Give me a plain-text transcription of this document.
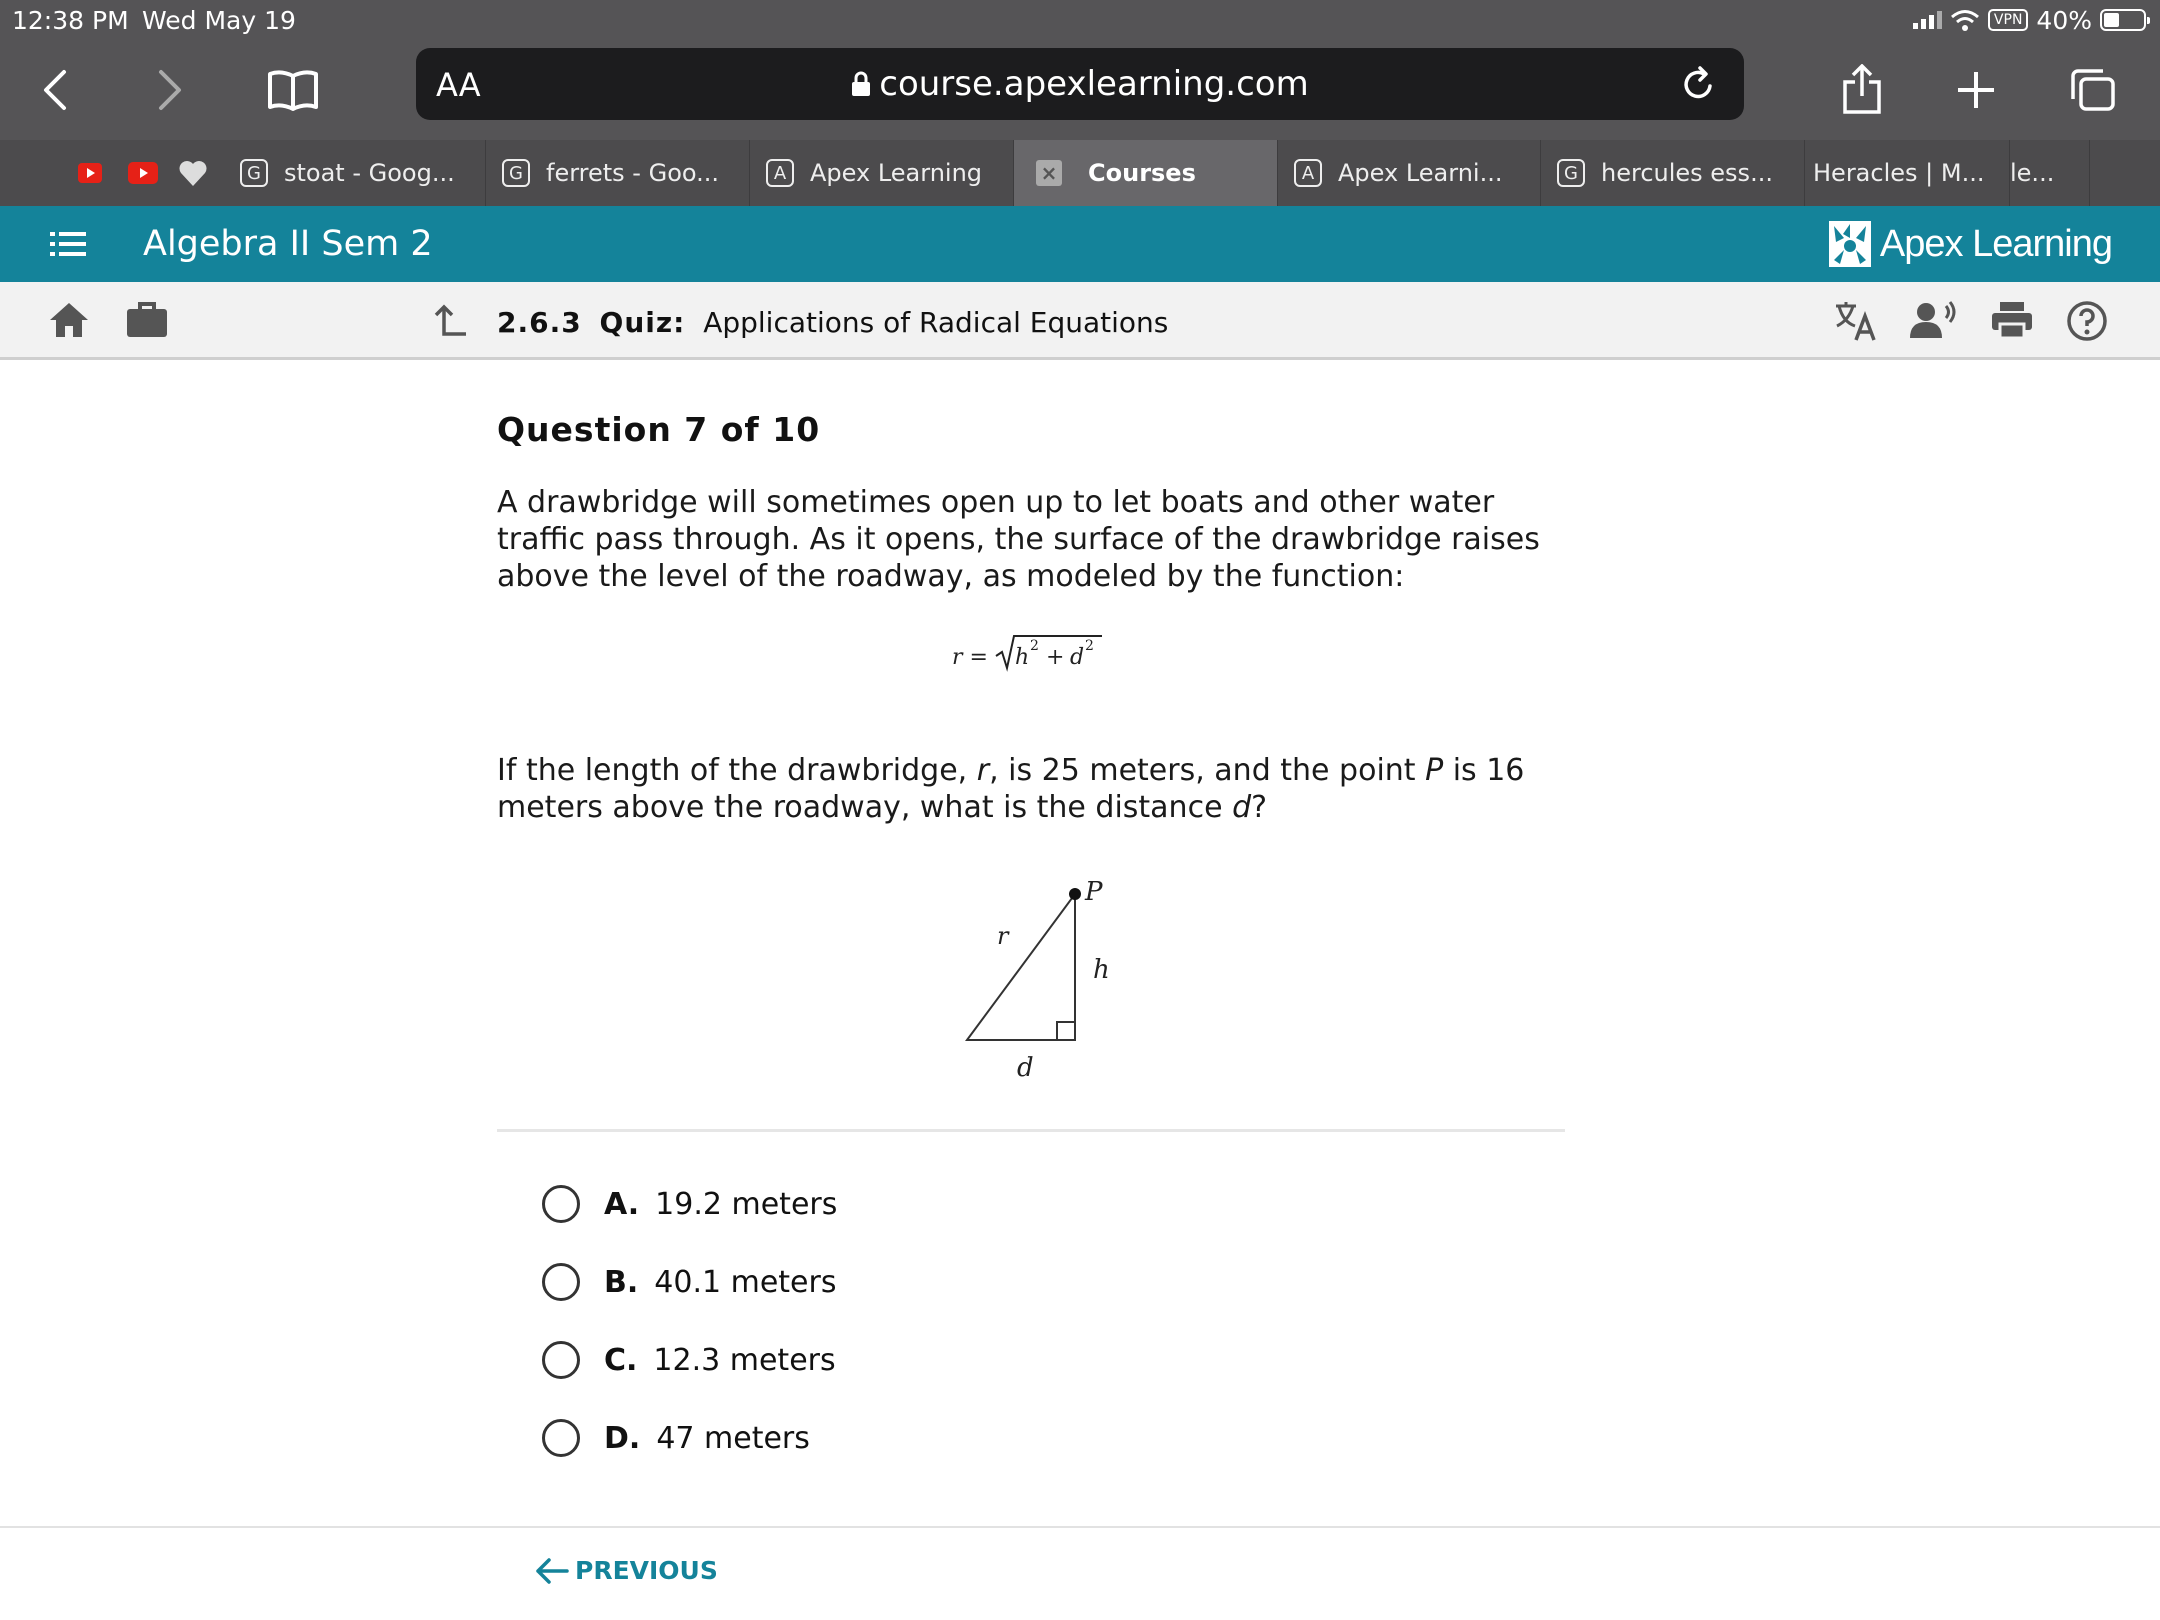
12:38 PM Wed May 19	VPN 40%
AA	course.apexlearning.com
G stoat - Goog...	G ferrets - Goo...	A Apex Learning	× Courses	A Apex Learni...	G hercules ess... Heracles | M... le...
Algebra II Sem 2	Apex Learning
2.6.3 Quiz: Applications of Radical Equations
Question 7 of 10
A drawbridge will sometimes open up to let boats and other water traffic pass through. As it opens, the surface of the drawbridge raises above the level of the roadway, as modeled by the function:
r = h 2 + d 2
If the length of the drawbridge, r, is 25 meters, and the point P is 16 meters above the roadway, what is the distance d?
P
r
h
d
A. 19.2 meters
B. 40.1 meters
C. 12.3 meters
D. 47 meters
PREVIOUS
